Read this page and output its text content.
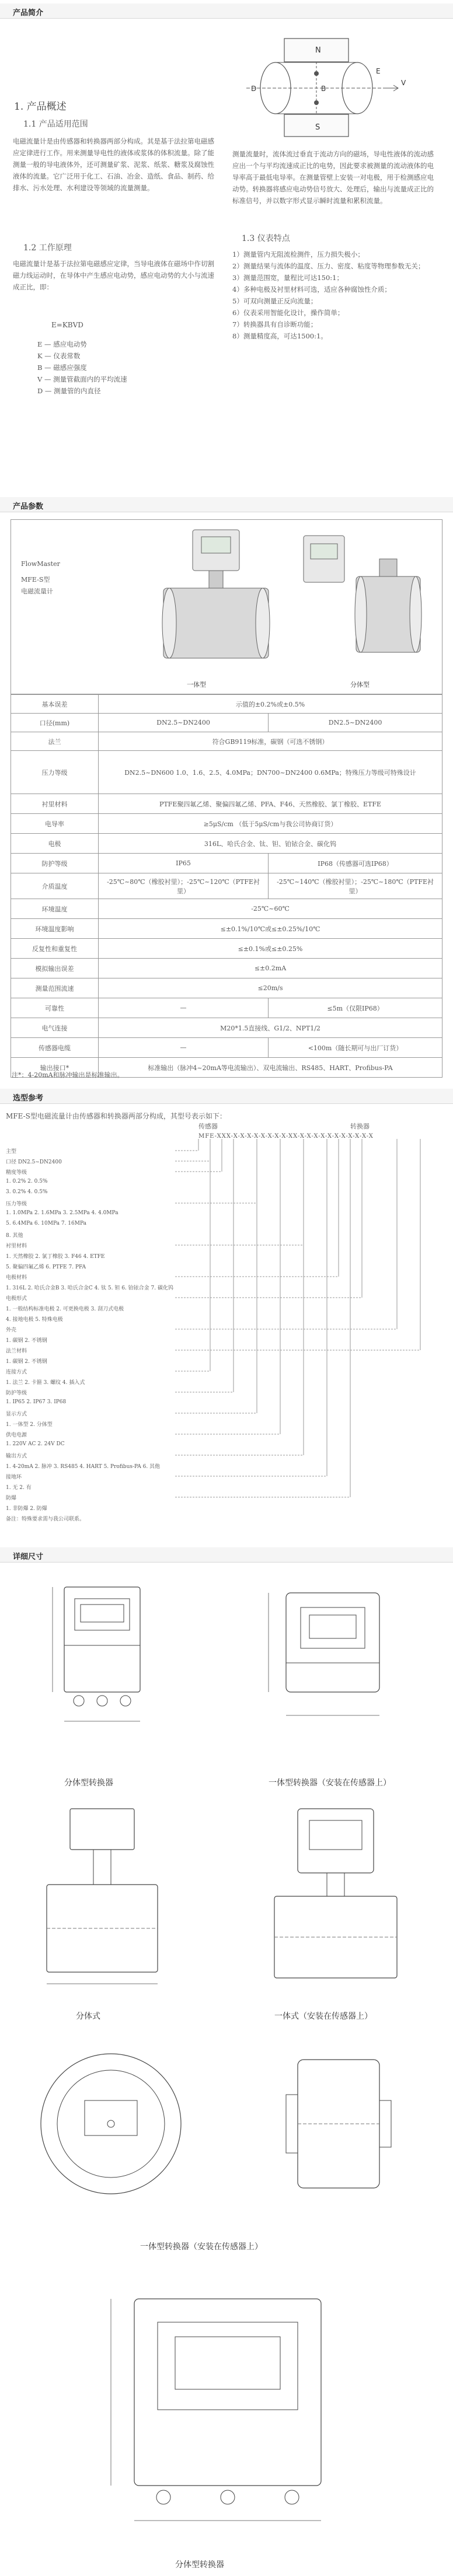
产品简介
1. 产品概述
1.1 产品适用范围
电磁流量计是由传感器和转换器两部分构成。其是基于法拉第电磁感应定律进行工作。用来测量导电性的液体或浆体的体积流量。除了能测量一般的导电液体外，还可测量矿浆、泥浆、纸浆、糖浆及腐蚀性液体的流量。它广泛用于化工、石油、冶金、造纸、食品、制药、给排水、污水处理、水利建设等领域的流量测量。
1.2 工作原理
电磁流量计是基于法拉第电磁感应定律，当导电液体在磁场中作切割磁力线运动时，在导体中产生感应电动势，感应电动势的大小与流速成正比，即：
E=KBVD
E — 感应电动势
K — 仪表常数
B — 磁感应强度
V — 测量管截面内的平均流速
D — 测量管的内直径
N
S
B
E
V
D
测量流量时，流体流过垂直于流动方向的磁场，导电性液体的流动感应出一个与平均流速成正比的电势，因此要求被测量的流动液体的电导率高于最低电导率。在测量管壁上安装一对电极，用于检测感应电动势。转换器将感应电动势信号放大、处理后，输出与流量成正比的标准信号，并以数字形式显示瞬时流量和累积流量。
1.3 仪表特点
1）测量管内无阻流检测件，压力损失极小；
2）测量结果与流体的温度、压力、密度、粘度等物理参数无关；
3）测量范围宽，量程比可达150:1；
4）多种电极及衬里材料可选，适应各种腐蚀性介质；
5）可双向测量正反向流量；
6）仪表采用智能化设计，操作简单；
7）转换器具有自诊断功能；
8）测量精度高，可达1500:1。
产品参数
FlowMaster
MFE-S型
电磁流量计
一体型	分体型
基本误差	示值的±0.2%或±0.5%	
口径(mm)	DN2.5~DN2400	DN2.5~DN2400
法兰	符合GB9119标准，碳钢（可选不锈钢）	
压力等级	DN2.5~DN600 1.0、1.6、2.5、4.0MPa；DN700~DN2400 0.6MPa；特殊压力等级可特殊设计	
衬里材料	PTFE聚四氟乙烯、聚偏四氟乙烯、PFA、F46、天然橡胶、氯丁橡胶、ETFE	
电导率	≥5μS/cm （低于5μS/cm与我公司协商订货）	
电极	316L、哈氏合金、钛、钽、铂铱合金、碳化钨	
防护等级	IP65	IP68（传感器可选IP68）
介质温度	-25℃~80℃（橡胶衬里）；-25℃~120℃（PTFE衬里）	-25℃~140℃（橡胶衬里）；-25℃~180℃（PTFE衬里）
环境温度	-25℃~60℃	
环境温度影响	≤±0.1%/10℃或≤±0.25%/10℃	
反复性和重复性	≤±0.1%或≤±0.25%	
模拟输出误差	≤±0.2mA	
测量范围流速	≤20m/s	
可靠性	—	≤5m（仅限IP68）
电气连接	M20*1.5直接线、G1/2、NPT1/2	
传感器电缆	—	<100m（随长期可与出厂订货）
输出接口*	标准输出（脉冲4~20mA等电流输出）、双电流输出、RS485、HART、Profibus-PA	
注*：4-20mA和脉冲输出是标准输出。
选型参考
MFE-S型电磁流量计由传感器和转换器两部分构成，其型号表示如下：
传感器	转换器
MFE-XXX-X-X-X-X-X-X-X-X-XX-X-X-X-X-X-X-X-X-X-X-X
主型
口径 DN2.5~DN2400
精度等级
1. 0.2% 2. 0.5%
3. 0.2% 4. 0.5%
压力等级
1. 1.0MPa 2. 1.6MPa 3. 2.5MPa 4. 4.0MPa
5. 6.4MPa 6. 10MPa 7. 16MPa
8. 其他
衬里材料
1. 天然橡胶 2. 氯丁橡胶 3. F46 4. ETFE
5. 聚偏四氟乙烯 6. PTFE 7. PFA
电极材料
1. 316L 2. 哈氏合金B 3. 哈氏合金C 4. 钛 5. 钽 6. 铂铱合金 7. 碳化钨
电极形式
1. 一般结构标准电极 2. 可更换电极 3. 刮刀式电极
4. 接地电极 5. 特殊电极
外壳
1. 碳钢 2. 不锈钢
法兰材料
1. 碳钢 2. 不锈钢
连接方式
1. 法兰 2. 卡箍 3. 螺纹 4. 插入式
防护等级
1. IP65 2. IP67 3. IP68
显示方式
1. 一体型 2. 分体型
供电电源
1. 220V AC 2. 24V DC
输出方式
1. 4-20mA 2. 脉冲 3. RS485 4. HART 5. Profibus-PA 6. 其他
接地环
1. 无 2. 有
防爆
1. 非防爆 2. 防爆
备注：特殊要求需与我公司联系。
详细尺寸
分体型转换器	一体型转换器（安装在传感器上）
分体式	一体式（安装在传感器上）
一体型转换器（安装在传感器上）
分体型转换器
